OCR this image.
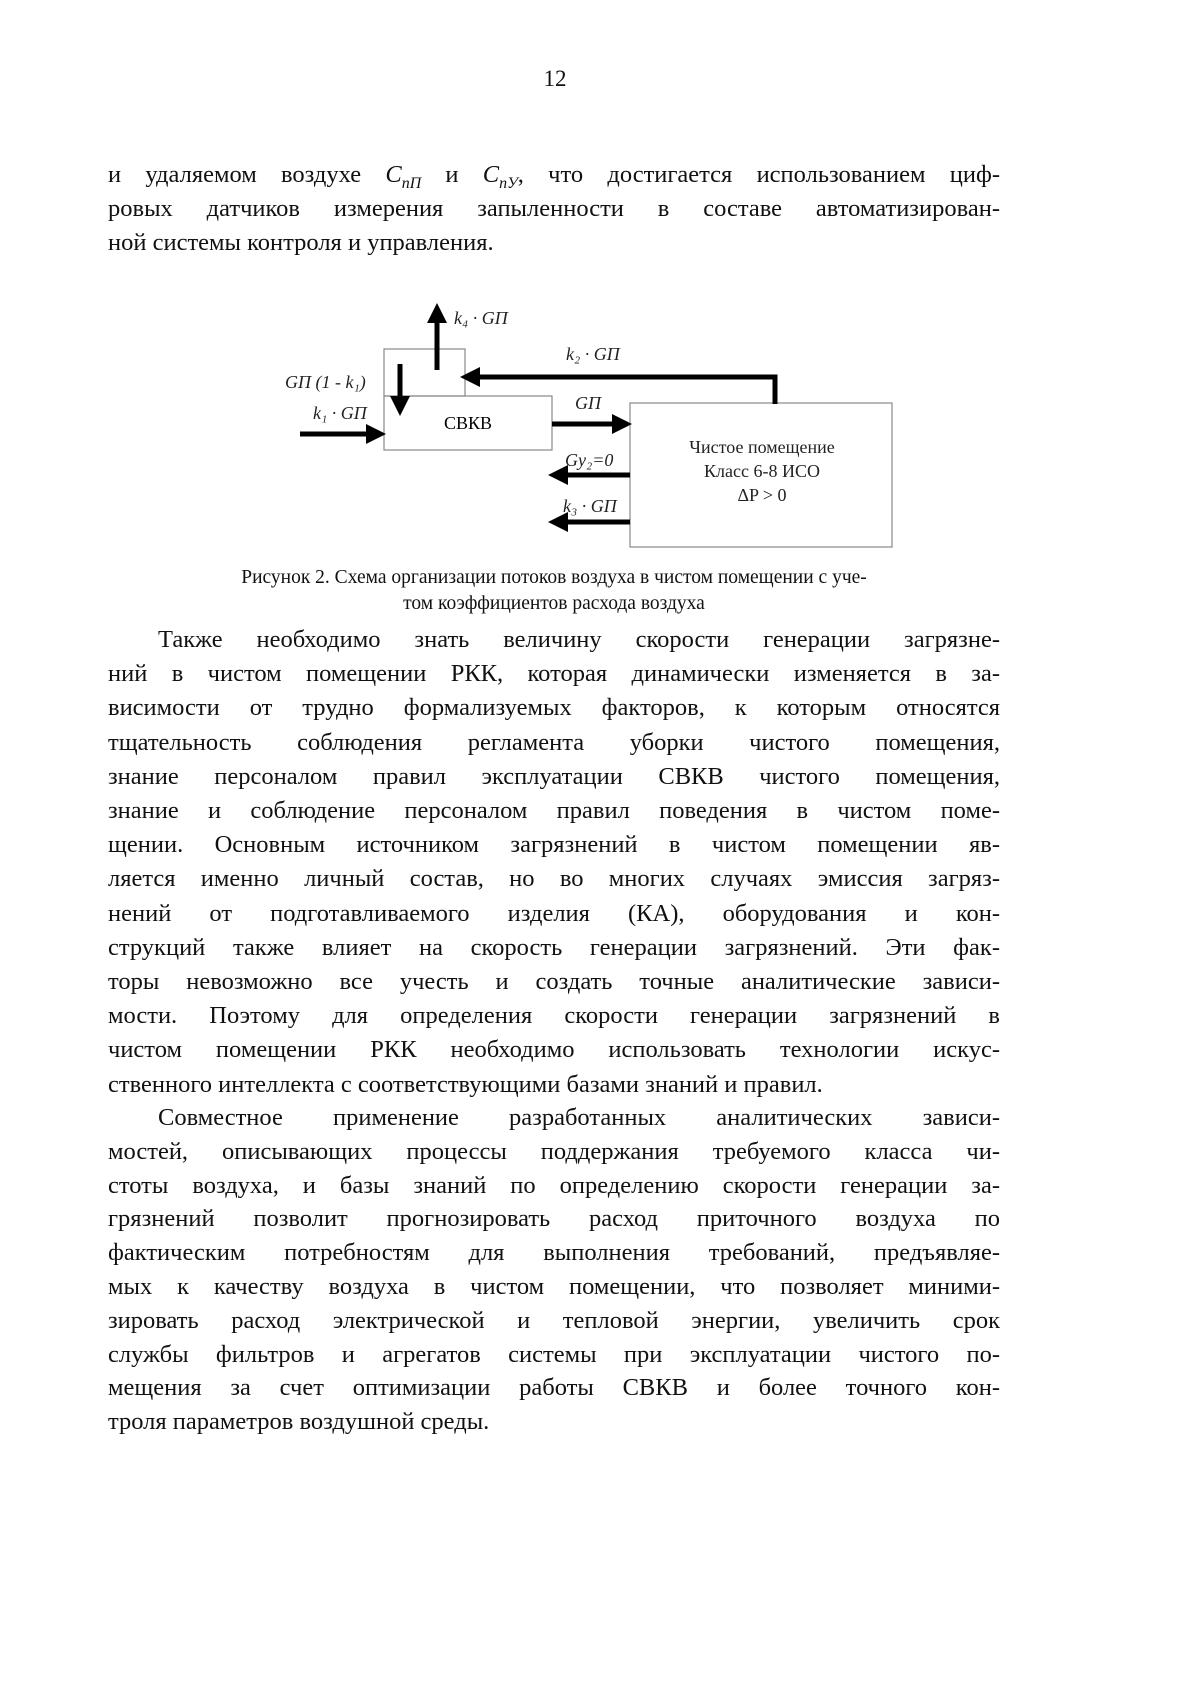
12
и удаляемом воздухе $C_{nП}$ и $C_{nУ}$, что достигается использованием циф-
ровых датчиков измерения запыленности в составе автоматизирован-
ной системы контроля и управления.
k₄ · GП
k₂ · GП
GП (1 - k₁)
k₁ · GП	GП
Gу₂=0
k₃ · GП
СВКВ
Чистое помещение
Класс 6-8 ИСО
ΔP > 0
Рисунок 2. Схема организации потоков воздуха в чистом помещении с уче-
том коэффициентов расхода воздуха
Также необходимо знать величину скорости генерации загрязне-
ний в чистом помещении РКК, которая динамически изменяется в за-
висимости от трудно формализуемых факторов, к которым относятся
тщательность соблюдения регламента уборки чистого помещения,
знание персоналом правил эксплуатации СВКВ чистого помещения,
знание и соблюдение персоналом правил поведения в чистом поме-
щении. Основным источником загрязнений в чистом помещении яв-
ляется именно личный состав, но во многих случаях эмиссия загряз-
нений от подготавливаемого изделия (КА), оборудования и кон-
струкций также влияет на скорость генерации загрязнений. Эти фак-
торы невозможно все учесть и создать точные аналитические зависи-
мости. Поэтому для определения скорости генерации загрязнений в
чистом помещении РКК необходимо использовать технологии искус-
ственного интеллекта с соответствующими базами знаний и правил.
Совместное применение разработанных аналитических зависи-
мостей, описывающих процессы поддержания требуемого класса чи-
стоты воздуха, и базы знаний по определению скорости генерации за-
грязнений позволит прогнозировать расход приточного воздуха по
фактическим потребностям для выполнения требований, предъявляе-
мых к качеству воздуха в чистом помещении, что позволяет миними-
зировать расход электрической и тепловой энергии, увеличить срок
службы фильтров и агрегатов системы при эксплуатации чистого по-
мещения за счет оптимизации работы СВКВ и более точного кон-
троля параметров воздушной среды.
